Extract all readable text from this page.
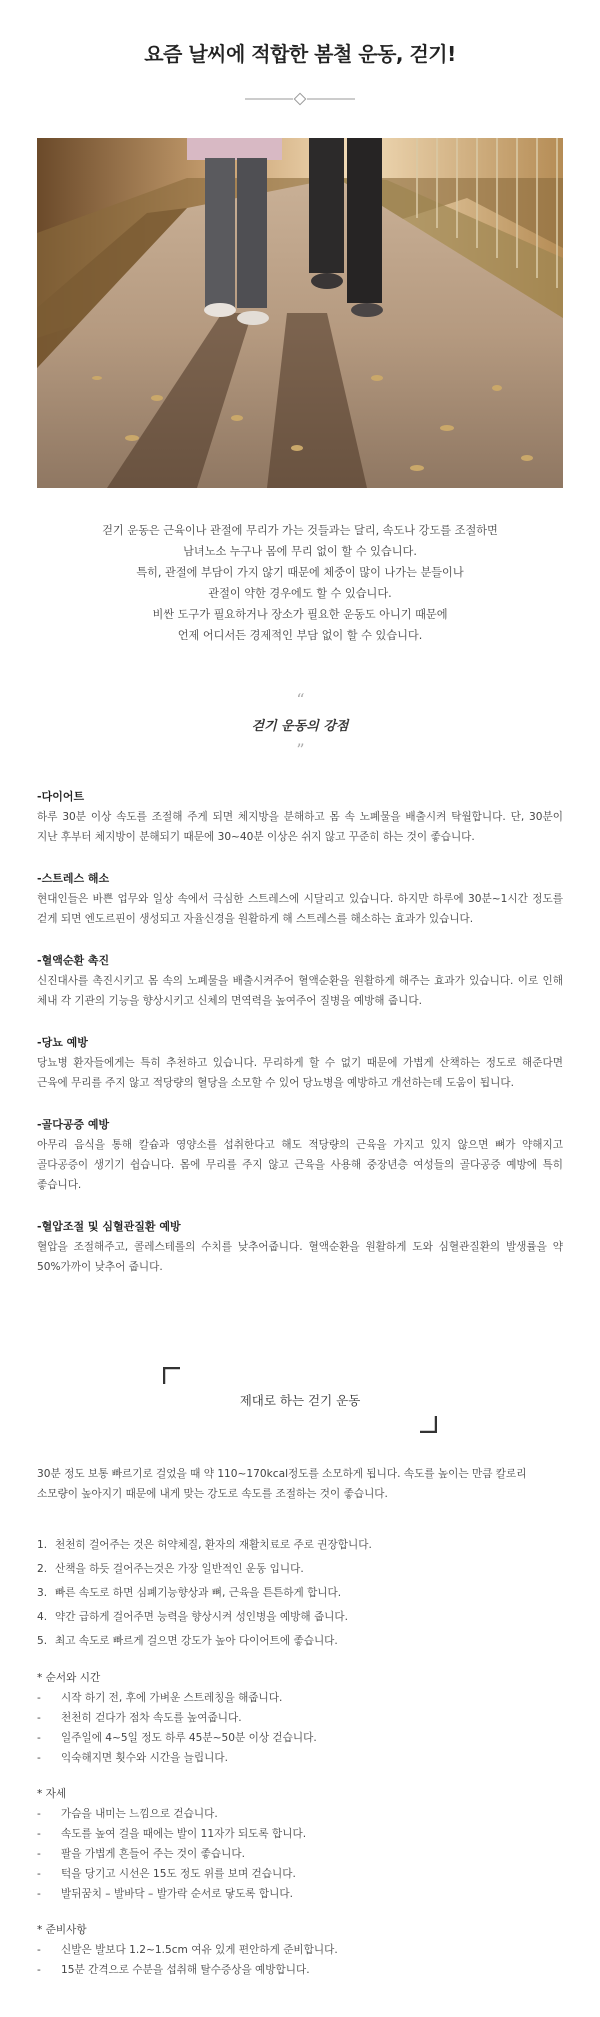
요즘 날씨에 적합한 봄철 운동, 걷기!
걷기 운동은 근육이나 관절에 무리가 가는 것들과는 달리, 속도나 강도를 조절하면
남녀노소 누구나 몸에 무리 없이 할 수 있습니다.
특히, 관절에 부담이 가지 않기 때문에 체중이 많이 나가는 분들이나
관절이 약한 경우에도 할 수 있습니다.
비싼 도구가 필요하거나 장소가 필요한 운동도 아니기 때문에
언제 어디서든 경제적인 부담 없이 할 수 있습니다.
“
걷기 운동의 강점
”
-다이어트
하루 30분 이상 속도를 조절해 주게 되면 체지방을 분해하고 몸 속 노폐물을 배출시켜 탁월합니다. 단, 30분이 지난 후부터 체지방이 분해되기 때문에 30~40분 이상은 쉬지 않고 꾸준히 하는 것이 좋습니다.
-스트레스 해소
현대인들은 바쁜 업무와 일상 속에서 극심한 스트레스에 시달리고 있습니다. 하지만 하루에 30분~1시간 정도를 걷게 되면 엔도르핀이 생성되고 자율신경을 원활하게 해 스트레스를 해소하는 효과가 있습니다.
-혈액순환 촉진
신진대사를 촉진시키고 몸 속의 노폐물을 배출시켜주어 혈액순환을 원활하게 해주는 효과가 있습니다. 이로 인해 체내 각 기관의 기능을 향상시키고 신체의 면역력을 높여주어 질병을 예방해 줍니다.
-당뇨 예방
당뇨병 환자들에게는 특히 추천하고 있습니다. 무리하게 할 수 없기 때문에 가볍게 산책하는 정도로 해준다면 근육에 무리를 주지 않고 적당량의 혈당을 소모할 수 있어 당뇨병을 예방하고 개선하는데 도움이 됩니다.
-골다공증 예방
아무리 음식을 통해 칼슘과 영양소를 섭취한다고 해도 적당량의 근육을 가지고 있지 않으면 뼈가 약해지고 골다공증이 생기기 쉽습니다. 몸에 무리를 주지 않고 근육을 사용해 중장년층 여성들의 골다공증 예방에 특히 좋습니다.
-혈압조절 및 심혈관질환 예방
혈압을 조절해주고, 콜레스테롤의 수치를 낮추어줍니다. 혈액순환을 원활하게 도와 심혈관질환의 발생률을 약 50%가까이 낮추어 줍니다.
제대로 하는 걷기 운동
30분 정도 보통 빠르기로 걸었을 때 약 110~170kcal정도를 소모하게 됩니다. 속도를 높이는 만큼 칼로리 소모량이 높아지기 때문에 내게 맞는 강도로 속도를 조절하는 것이 좋습니다.
1. 천천히 걸어주는 것은 허약체질, 환자의 재활치료로 주로 권장합니다.
2. 산책을 하듯 걸어주는것은 가장 일반적인 운동 입니다.
3. 빠른 속도로 하면 심폐기능향상과 뼈, 근육을 튼튼하게 합니다.
4. 약간 급하게 걸어주면 능력을 향상시켜 성인병을 예방해 줍니다.
5. 최고 속도로 빠르게 걸으면 강도가 높아 다이어트에 좋습니다.
* 순서와 시간
- 시작 하기 전, 후에 가벼운 스트레칭을 해줍니다.
- 천천히 걷다가 점차 속도를 높여줍니다.
- 일주일에 4~5일 정도 하루 45분~50분 이상 걷습니다.
- 익숙해지면 횟수와 시간을 늘립니다.
* 자세
- 가슴을 내미는 느낌으로 걷습니다.
- 속도를 높여 걸을 때에는 발이 11자가 되도록 합니다.
- 팔을 가볍게 흔들어 주는 것이 좋습니다.
- 턱을 당기고 시선은 15도 정도 위를 보며 걷습니다.
- 발뒤꿈치 – 발바닥 – 발가락 순서로 닿도록 합니다.
* 준비사항
- 신발은 발보다 1.2~1.5cm 여유 있게 편안하게 준비합니다.
- 15분 간격으로 수분을 섭취해 탈수증상을 예방합니다.
